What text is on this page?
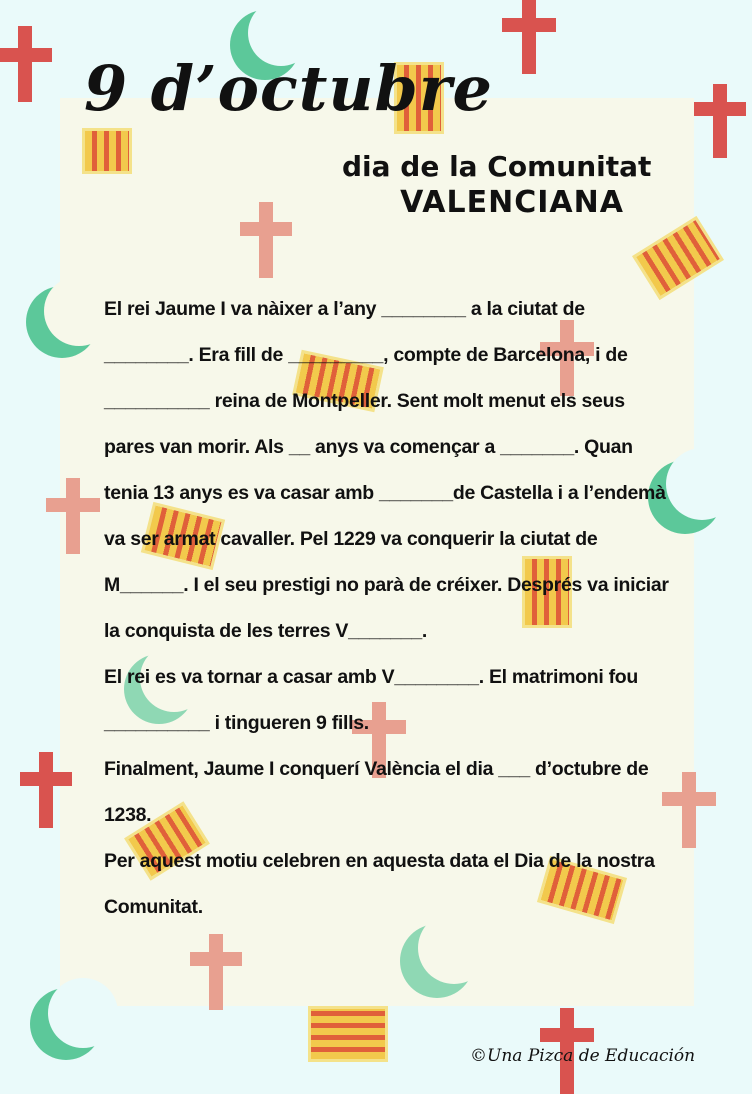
9 d’octubre
dia de la Comunitat
VALENCIANA

El rei Jaume I va nàixer a l’any ________ a la ciutat de ________. Era fill de _________, compte de Barcelona, i de __________ reina de Montpeller. Sent molt menut els seus pares van morir. Als __ anys va començar a _______. Quan tenia 13 anys es va casar amb _______de Castella i a l’endemà va ser armat cavaller. Pel 1229 va conquerir la ciutat de M______. I el seu prestigi no parà de créixer. Després va iniciar la conquista de les terres V_______.

El rei es va tornar a casar amb V________. El matrimoni fou __________ i tingueren 9 fills.

Finalment, Jaume I conquerí València el dia ___ d’octubre de 1238.

Per aquest motiu celebren en aquesta data el Dia de la nostra Comunitat.

©Una Pizca de Educación
